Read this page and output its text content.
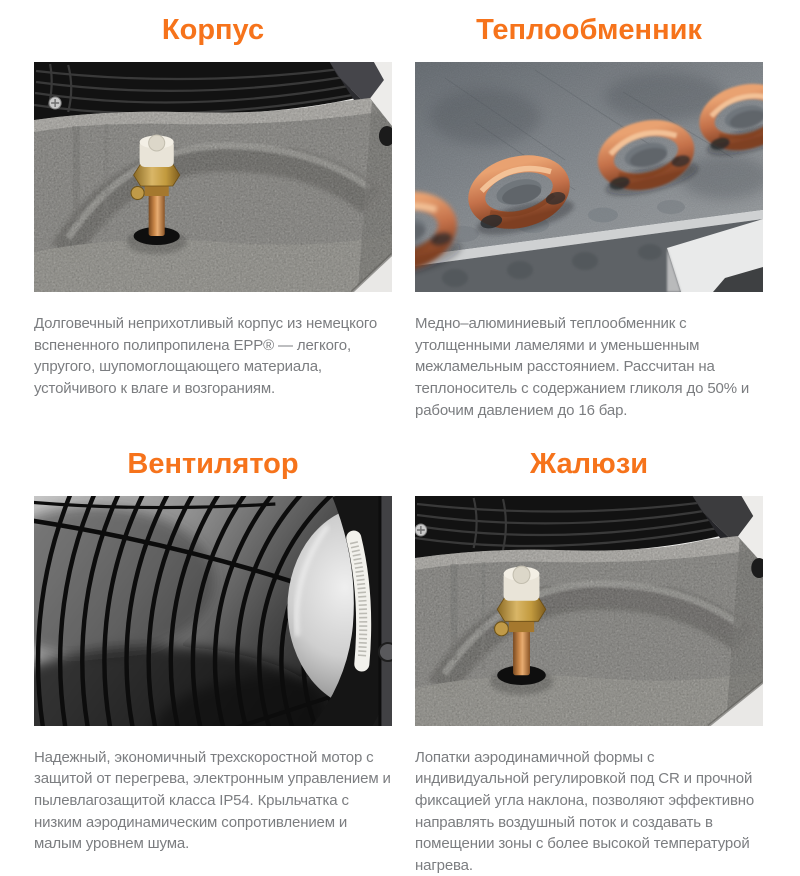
Корпус

Долговечный неприхотливый корпус из немецкого вспененного полипропилена EPP® — легкого, упругого, шупомоглощающего материала, устойчивого к влаге и возгораниям.

Теплообменник

Медно–алюминиевый теплообменник с утолщенными ламелями и уменьшенным межламельным расстоянием. Рассчитан на теплоноситель с содержанием гликоля до 50% и рабочим давлением до 16 бар.

Вентилятор

Надежный, экономичный трехскоростной мотор с защитой от перегрева, электронным управлением и пылевлагозащитой класса IP54. Крыльчатка с низким аэродинамическим сопротивлением и малым уровнем шума.

Жалюзи

Лопатки аэродинамичной формы с индивидуальной регулировкой под CR и прочной фиксацией угла наклона, позволяют эффективно направлять воздушный поток и создавать в помещении зоны с более высокой температурой нагрева.
